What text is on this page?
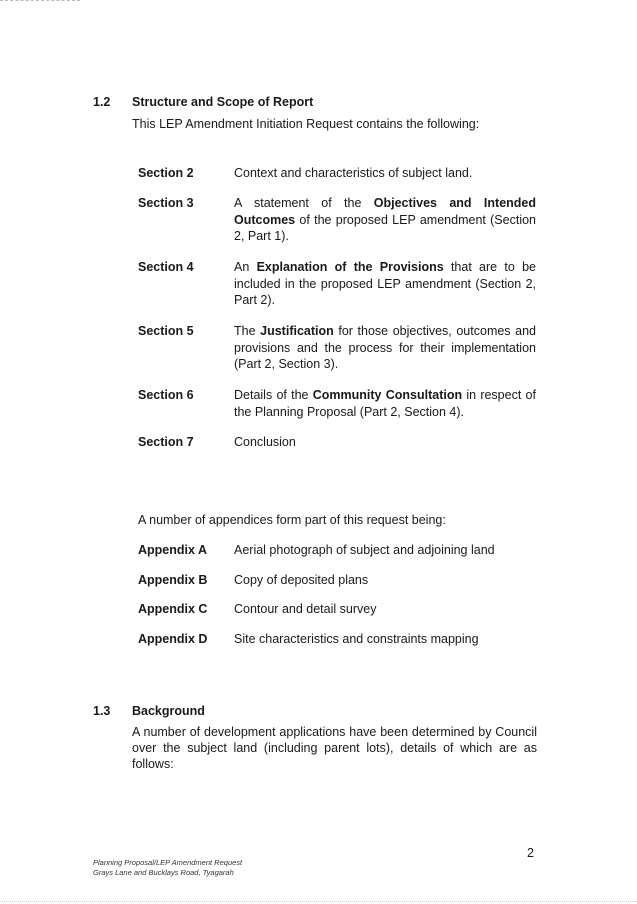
1.2 Structure and Scope of Report
This LEP Amendment Initiation Request contains the following:
Section 2	Context and characteristics of subject land.
Section 3	A statement of the Objectives and Intended Outcomes of the proposed LEP amendment (Section 2, Part 1).
Section 4	An Explanation of the Provisions that are to be included in the proposed LEP amendment (Section 2, Part 2).
Section 5	The Justification for those objectives, outcomes and provisions and the process for their implementation (Part 2, Section 3).
Section 6	Details of the Community Consultation in respect of the Planning Proposal (Part 2, Section 4).
Section 7	Conclusion
A number of appendices form part of this request being:
Appendix A	Aerial photograph of subject and adjoining land
Appendix B	Copy of deposited plans
Appendix C	Contour and detail survey
Appendix D	Site characteristics and constraints mapping
1.3 Background
A number of development applications have been determined by Council over the subject land (including parent lots), details of which are as follows:
2
Planning Proposal/LEP Amendment Request
Grays Lane and Bucklays Road, Tyagarah
